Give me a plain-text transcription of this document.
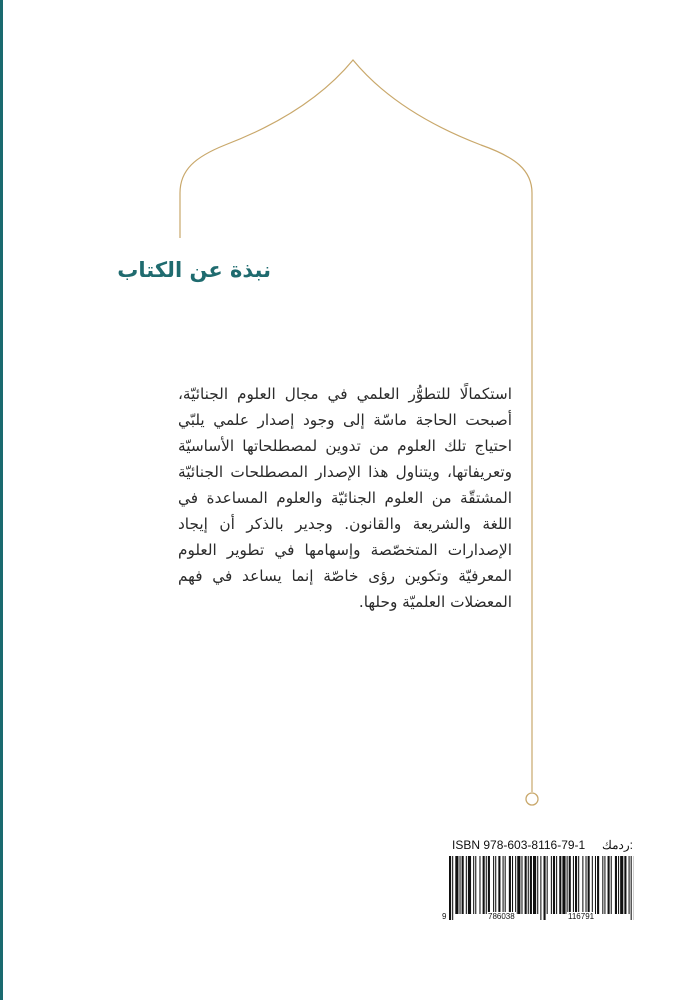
نبذة عن الكتاب

استكمالًا للتطوُّر العلمي في مجال العلوم الجنائيّة، أصبحت الحاجة ماسّة إلى وجود إصدار علمي يلبّي احتياج تلك العلوم من تدوين لمصطلحاتها الأساسيّة وتعريفاتها، ويتناول هذا الإصدار المصطلحات الجنائيّة المشتقّة من العلوم الجنائيّة والعلوم المساعدة في اللغة والشريعة والقانون. وجدير بالذكر أن إيجاد الإصدارات المتخصّصة وإسهامها في تطوير العلوم المعرفيّة وتكوين رؤى خاصّة إنما يساعد في فهم المعضلات العلميّة وحلها.

ISBN 978-603-8116-79-1 ردمك:
9	786038	116791
